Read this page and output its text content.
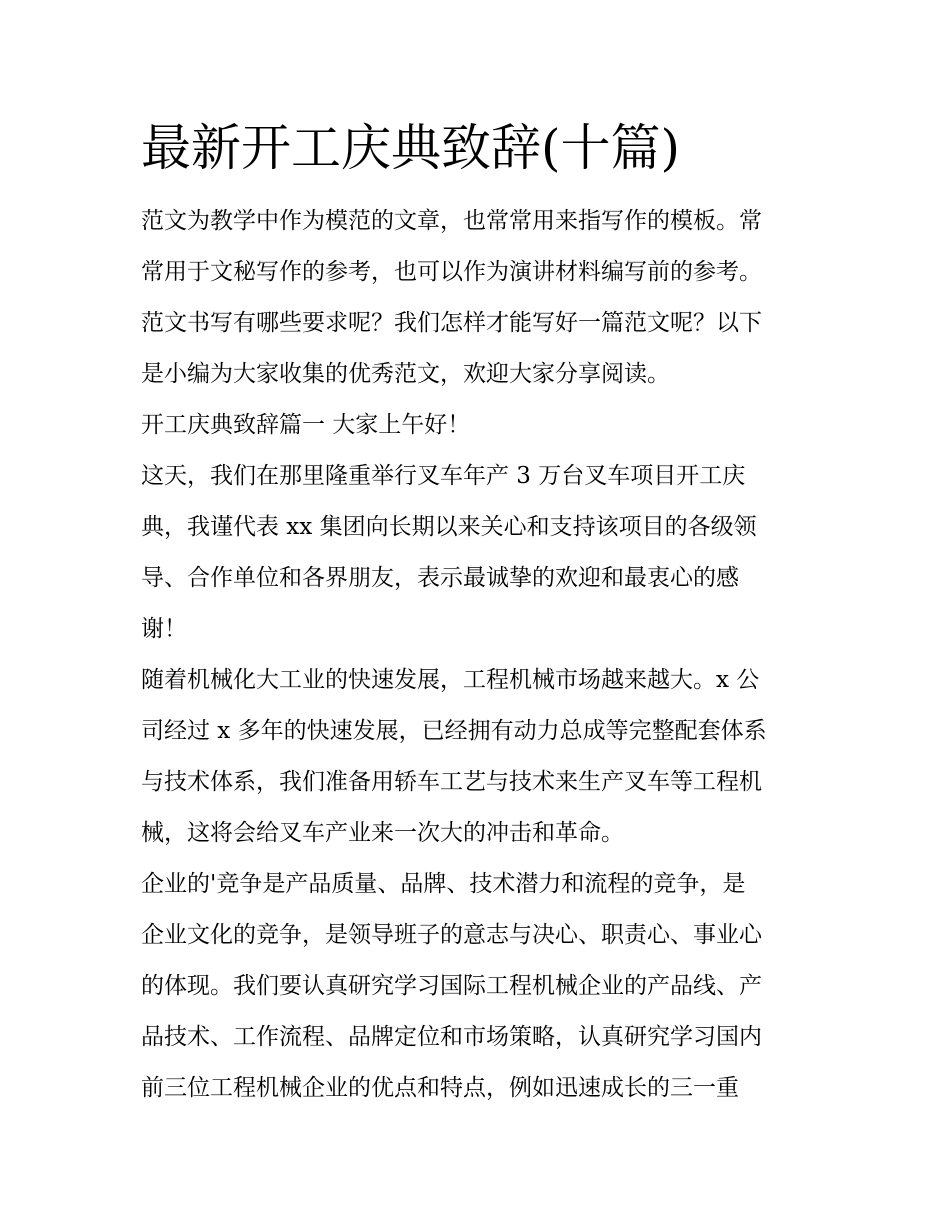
最新开工庆典致辞(十篇)

范文为教学中作为模范的文章，也常常用来指写作的模板。常
常用于文秘写作的参考，也可以作为演讲材料编写前的参考。
范文书写有哪些要求呢？我们怎样才能写好一篇范文呢？以下
是小编为大家收集的优秀范文，欢迎大家分享阅读。

开工庆典致辞篇一 大家上午好！

这天，我们在那里隆重举行叉车年产 3 万台叉车项目开工庆
典，我谨代表 xx 集团向长期以来关心和支持该项目的各级领
导、合作单位和各界朋友，表示最诚挚的欢迎和最衷心的感
谢！

随着机械化大工业的快速发展，工程机械市场越来越大。x 公
司经过 x 多年的快速发展，已经拥有动力总成等完整配套体系
与技术体系，我们准备用轿车工艺与技术来生产叉车等工程机
械，这将会给叉车产业来一次大的冲击和革命。

企业的'竞争是产品质量、品牌、技术潜力和流程的竞争，是
企业文化的竞争，是领导班子的意志与决心、职责心、事业心
的体现。我们要认真研究学习国际工程机械企业的产品线、产
品技术、工作流程、品牌定位和市场策略，认真研究学习国内
前三位工程机械企业的优点和特点，例如迅速成长的三一重
